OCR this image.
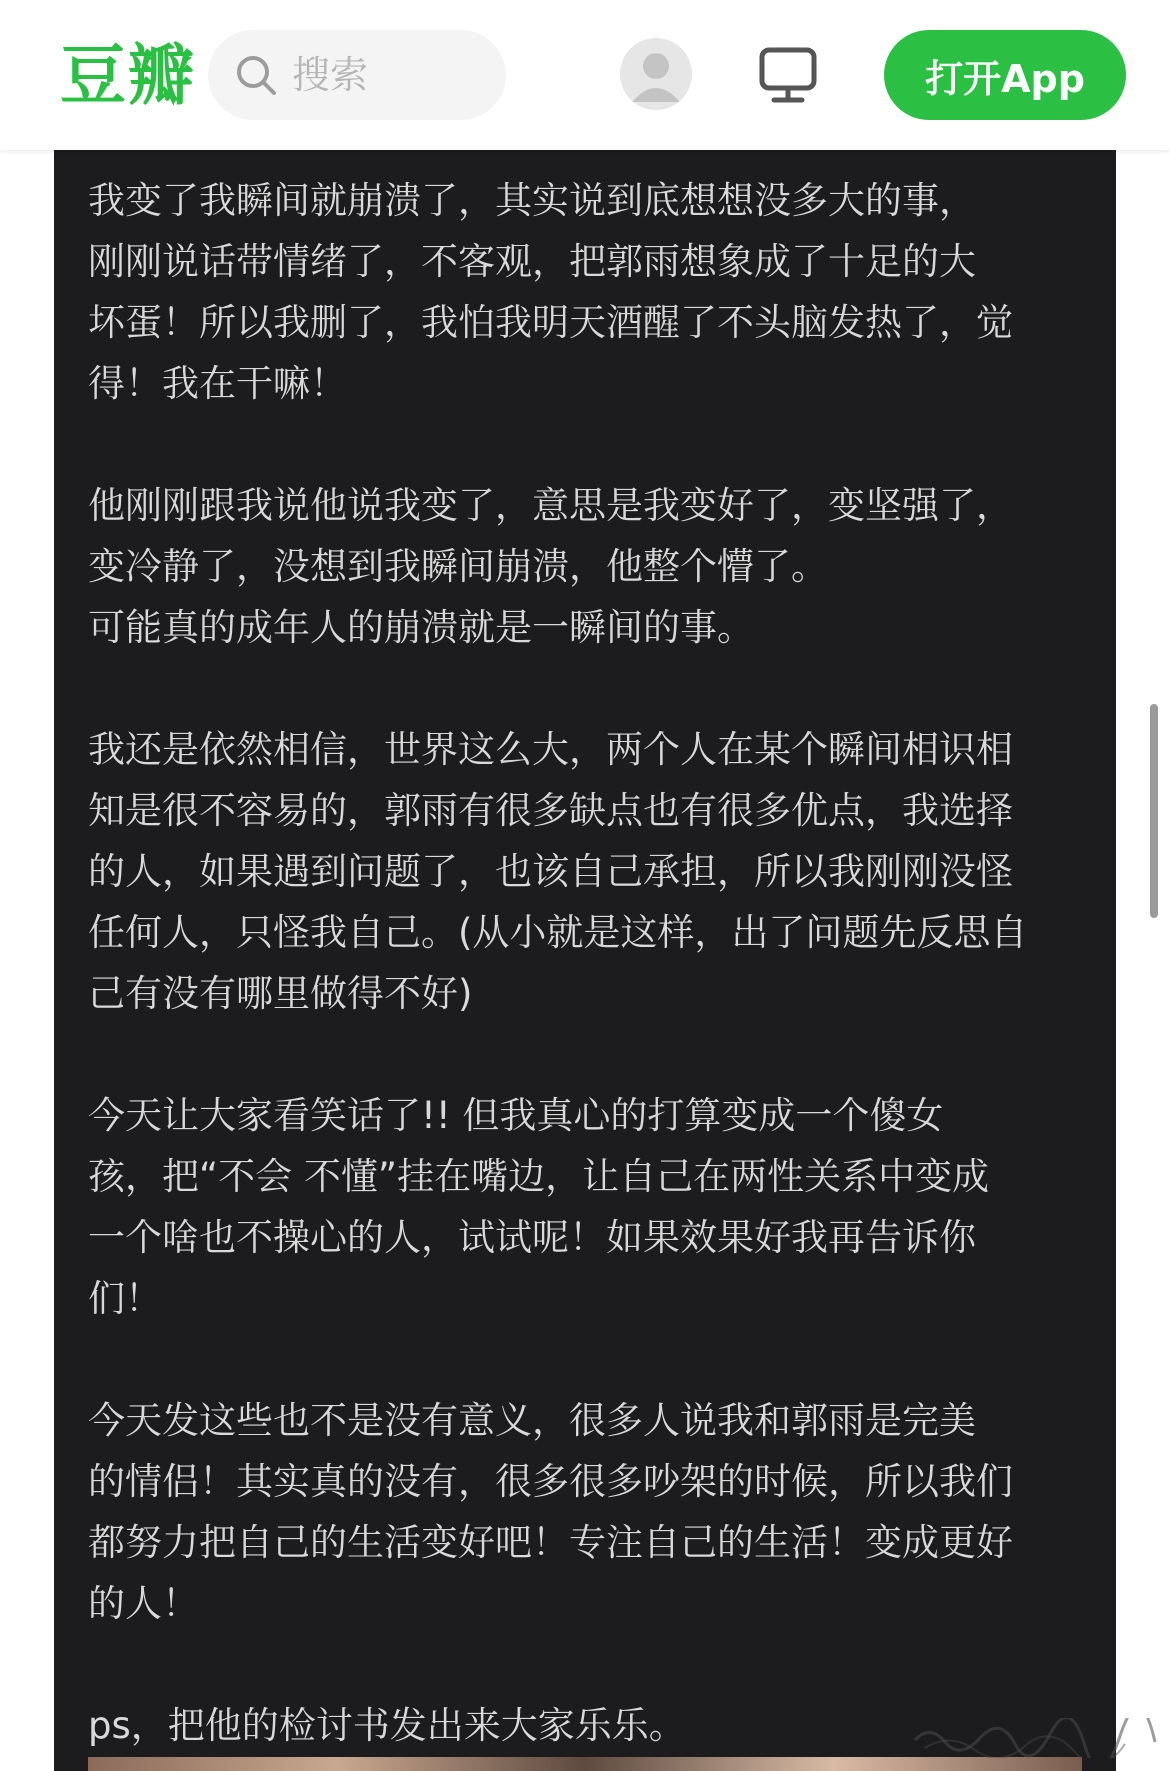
豆瓣
搜索	打开App

我变了我瞬间就崩溃了，其实说到底想想没多大的事，
刚刚说话带情绪了，不客观，把郭雨想象成了十足的大
坏蛋！所以我删了，我怕我明天酒醒了不头脑发热了，觉
得！我在干嘛！

他刚刚跟我说他说我变了，意思是我变好了，变坚强了，
变冷静了，没想到我瞬间崩溃，他整个懵了。
可能真的成年人的崩溃就是一瞬间的事。

我还是依然相信，世界这么大，两个人在某个瞬间相识相
知是很不容易的，郭雨有很多缺点也有很多优点，我选择
的人，如果遇到问题了，也该自己承担，所以我刚刚没怪
任何人，只怪我自己。(从小就是这样，出了问题先反思自
己有没有哪里做得不好)

今天让大家看笑话了!! 但我真心的打算变成一个傻女
孩，把“不会 不懂”挂在嘴边，让自己在两性关系中变成
一个啥也不操心的人，试试呢！如果效果好我再告诉你
们！

今天发这些也不是没有意义，很多人说我和郭雨是完美
的情侣！其实真的没有，很多很多吵架的时候，所以我们
都努力把自己的生活变好吧！专注自己的生活！变成更好
的人！

ps，把他的检讨书发出来大家乐乐。
